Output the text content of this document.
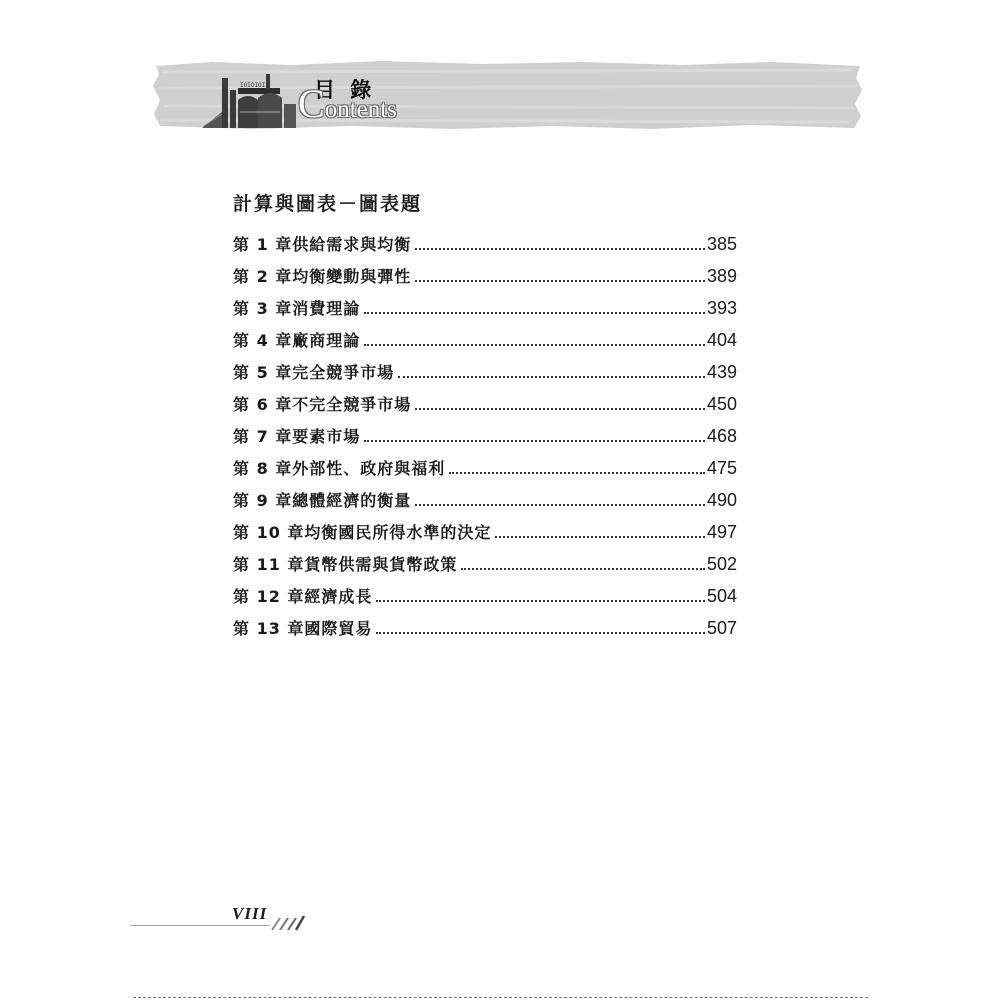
IOIOIOI 目 錄
Contents
計算與圖表－圖表題
第 1 章 供給需求與均衡	385
第 2 章 均衡變動與彈性	389
第 3 章 消費理論	393
第 4 章 廠商理論	404
第 5 章 完全競爭市場	439
第 6 章 不完全競爭市場	450
第 7 章 要素市場	468
第 8 章 外部性、政府與福利	475
第 9 章 總體經濟的衡量	490
第 10 章 均衡國民所得水準的決定	497
第 11 章 貨幣供需與貨幣政策	502
第 12 章 經濟成長	504
第 13 章 國際貿易	507
VIII
